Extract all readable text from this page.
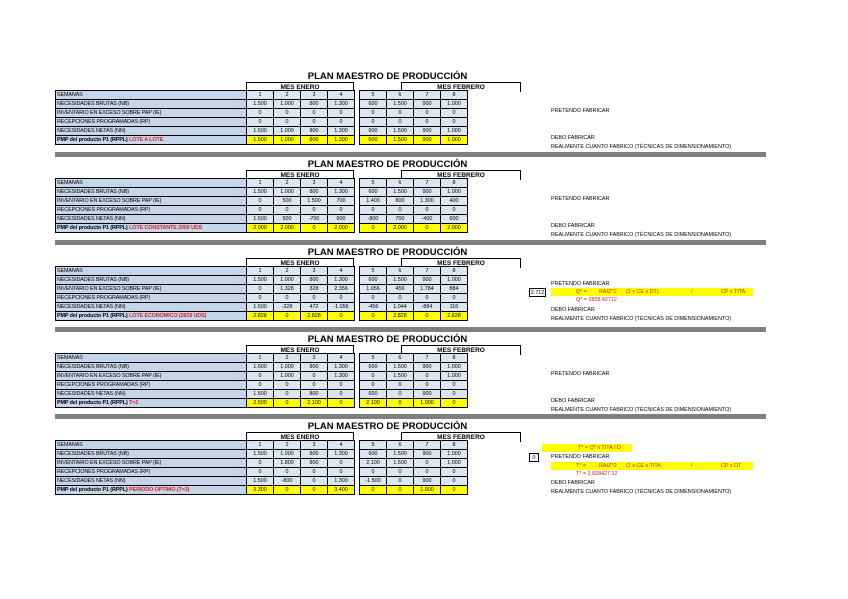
PLAN MAESTRO DE PRODUCCIÓN
MES ENERO	MES FEBRERO
SEMANAS	1	2	3	4		5	6	7	8
NECESIDADES BRUTAS (NB)	1.500	1.000	800	1.300		600	1.500	900	1.000
INVENTARIO EN EXCESO SOBRE PAP (IE)	0	0	0	0		0	0	0	0
RECEPCIONES PROGRAMADAS (RP)	0	0	0	0		0	0	0	0
NECESIDADES NETAS (NN)	1.500	1.000	800	1.300		600	1.500	900	1.000
PMP del producto P1 (RPPL) LOTE A LOTE	1.500	1.000	800	1.300		600	1.500	900	1.000
PRETENDO FABRICAR
DEBO FABRICAR
REALMENTE CUANTO FABRICO (TÉCNICAS DE DIMENSIONAMIENTO)
PLAN MAESTRO DE PRODUCCIÓN
MES ENERO	MES FEBRERO
SEMANAS	1	2	3	4		5	6	7	8
NECESIDADES BRUTAS (NB)	1.500	1.000	800	1.300		600	1.500	900	1.000
INVENTARIO EN EXCESO SOBRE PAP (IE)	0	500	1.500	700		1.400	800	1.300	400
RECEPCIONES PROGRAMADAS (RP)	0	0	0	0		0	0	0	0
NECESIDADES NETAS (NN)	1.500	500	-700	600		-800	700	-400	600
PMP del producto P1 (RPPL) LOTE CONSTANTE 2000 UDS	2.000	2.000	0	2.000		0	2.000	0	2.000
PRETENDO FABRICAR
DEBO FABRICAR
REALMENTE CUANTO FABRICO (TÉCNICAS DE DIMENSIONAMIENTO)
PLAN MAESTRO DE PRODUCCIÓN
MES ENERO	MES FEBRERO
SEMANAS	1	2	3	4		5	6	7	8
NECESIDADES BRUTAS (NB)	1.500	1.000	800	1.300		600	1.500	900	1.000
INVENTARIO EN EXCESO SOBRE PAP (IE)	0	1.328	328	2.356		1.056	456	1.784	884
RECEPCIONES PROGRAMADAS (RP)	0	0	0	0		0	0	0	0
NECESIDADES NETAS (NN)	1.500	-328	472	-1.056		-456	1.044	-884	116
PMP del producto P1 (RPPL) LOTE ECONOMICO (2828 UDS)	2.828	0	2.828	0		0	2.828	0	2.828
2.712
PRETENDO FABRICAR
Q* = RAIZ^2 (2 x CE x DT)	/	CP x TITA
Q* = 2828,42712
DEBO FABRICAR
REALMENTE CUANTO FABRICO (TÉCNICAS DE DIMENSIONAMIENTO)
PLAN MAESTRO DE PRODUCCIÓN
MES ENERO	MES FEBRERO
SEMANAS	1	2	3	4		5	6	7	8
NECESIDADES BRUTAS (NB)	1.500	1.000	800	1.300		600	1.500	900	1.000
INVENTARIO EN EXCESO SOBRE PAP (IE)	0	1.000	0	1.300		0	1.500	0	1.000
RECEPCIONES PROGRAMADAS (RP)	0	0	0	0		0	0	0	0
NECESIDADES NETAS (NN)	1.500	0	800	0		600	0	900	0
PMP del producto P1 (RPPL) T=2	2.500	0	2.100	0		2.100	0	1.900	0
PRETENDO FABRICAR
DEBO FABRICAR
REALMENTE CUANTO FABRICO (TÉCNICAS DE DIMENSIONAMIENTO)
PLAN MAESTRO DE PRODUCCIÓN
MES ENERO	MES FEBRERO
SEMANAS	1	2	3	4		5	6	7	8
NECESIDADES BRUTAS (NB)	1.500	1.000	800	1.300		600	1.500	900	1.000
INVENTARIO EN EXCESO SOBRE PAP (IE)	0	1.800	800	0		2.100	1.500	0	1.000
RECEPCIONES PROGRAMADAS (RP)	0	0	0	0		0	0	0	0
NECESIDADES NETAS (NN)	1.500	-800	0	1.300		-1.500	0	900	0
PMP del producto P1 (RPPL) PERIODO OPTIMO (T=3)	3.300	0	0	3.400		0	0	1.900	0
0
T* = Q* x TITA / D
PRETENDO FABRICAR
T* = RAIZ^2 (2 x CE x TITA	/	CP x DT
T* = 2,828427 12
DEBO FABRICAR
REALMENTE CUANTO FABRICO (TÉCNICAS DE DIMENSIONAMIENTO)
